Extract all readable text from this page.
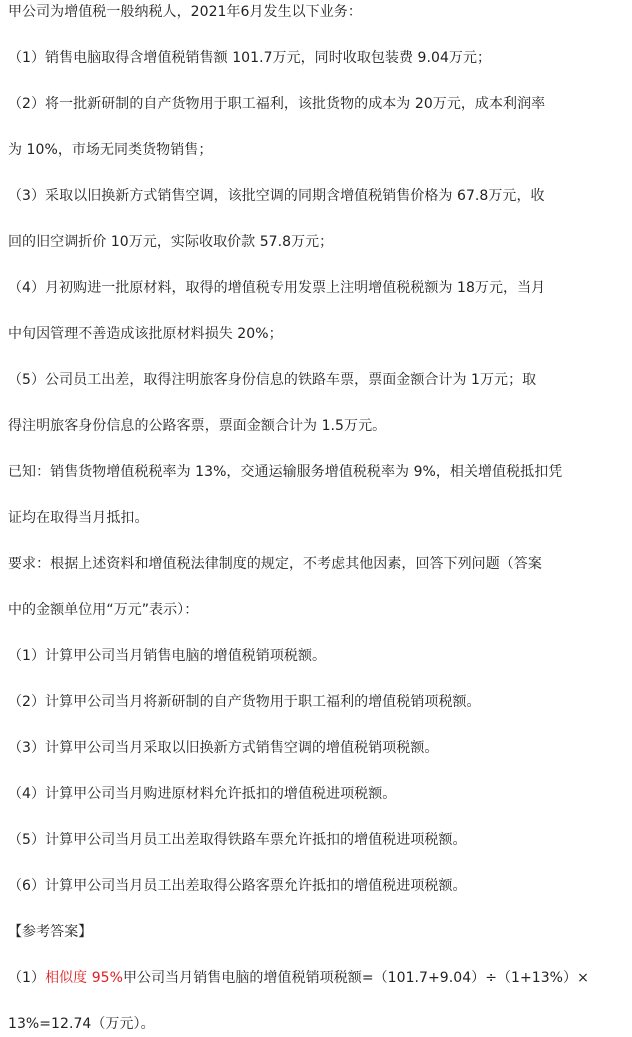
甲公司为增值税一般纳税人，2021年6月发生以下业务：
（1）销售电脑取得含增值税销售额 101.7万元，同时收取包装费 9.04万元；
（2）将一批新研制的自产货物用于职工福利，该批货物的成本为 20万元，成本利润率
为 10%，市场无同类货物销售；
（3）采取以旧换新方式销售空调，该批空调的同期含增值税销售价格为 67.8万元，收
回的旧空调折价 10万元，实际收取价款 57.8万元；
（4）月初购进一批原材料，取得的增值税专用发票上注明增值税税额为 18万元，当月
中旬因管理不善造成该批原材料损失 20%；
（5）公司员工出差，取得注明旅客身份信息的铁路车票，票面金额合计为 1万元；取
得注明旅客身份信息的公路客票，票面金额合计为 1.5万元。
已知：销售货物增值税税率为 13%，交通运输服务增值税税率为 9%，相关增值税抵扣凭
证均在取得当月抵扣。
要求：根据上述资料和增值税法律制度的规定，不考虑其他因素，回答下列问题（答案
中的金额单位用“万元”表示）：
（1）计算甲公司当月销售电脑的增值税销项税额。
（2）计算甲公司当月将新研制的自产货物用于职工福利的增值税销项税额。
（3）计算甲公司当月采取以旧换新方式销售空调的增值税销项税额。
（4）计算甲公司当月购进原材料允许抵扣的增值税进项税额。
（5）计算甲公司当月员工出差取得铁路车票允许抵扣的增值税进项税额。
（6）计算甲公司当月员工出差取得公路客票允许抵扣的增值税进项税额。
【参考答案】
（1）相似度 95%甲公司当月销售电脑的增值税销项税额=（101.7+9.04）÷（1+13%）×
13%=12.74（万元）。
